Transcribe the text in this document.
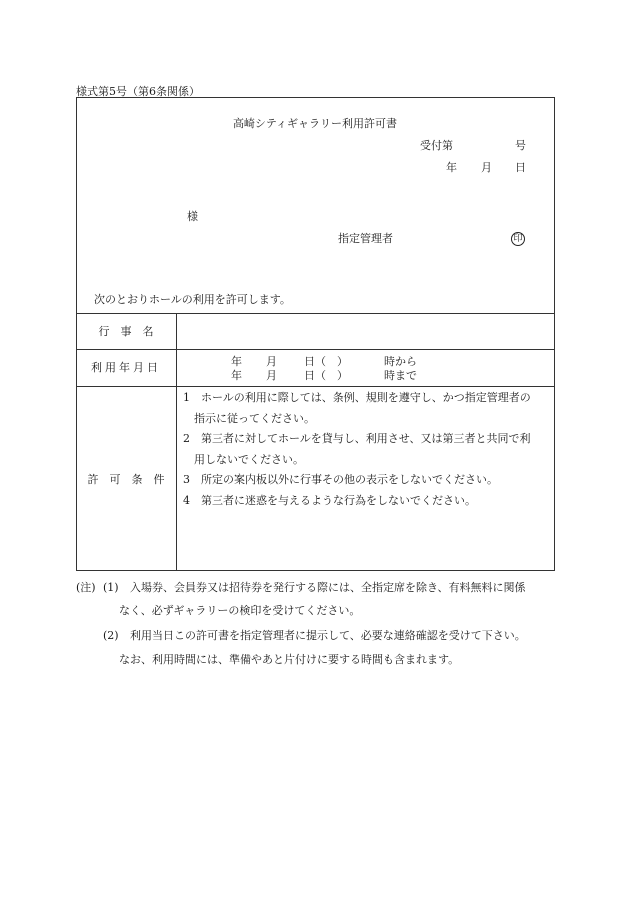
様式第5号（第6条関係）
高崎シティギャラリー利用許可書
受付第	号
年 月 日
様
指定管理者	印
次のとおりホールの利用を許可します。
行　事　名
利用年月日	年 月 日（　）	時から
年 月 日（　）	時まで
許　可　条　件

1　ホールの利用に際しては、条例、規則を遵守し、かつ指定管理者の

指示に従ってください。

2　第三者に対してホールを貸与し、利用させ、又は第三者と共同で利

用しないでください。

3　所定の案内板以外に行事その他の表示をしないでください。

4　第三者に迷惑を与えるような行為をしないでください。

(注) (1) 入場券、会員券又は招待券を発行する際には、全指定席を除き、有料無料に関係
なく、必ずギャラリーの検印を受けてください。
(2) 利用当日この許可書を指定管理者に提示して、必要な連絡確認を受けて下さい。
なお、利用時間には、準備やあと片付けに要する時間も含まれます。
